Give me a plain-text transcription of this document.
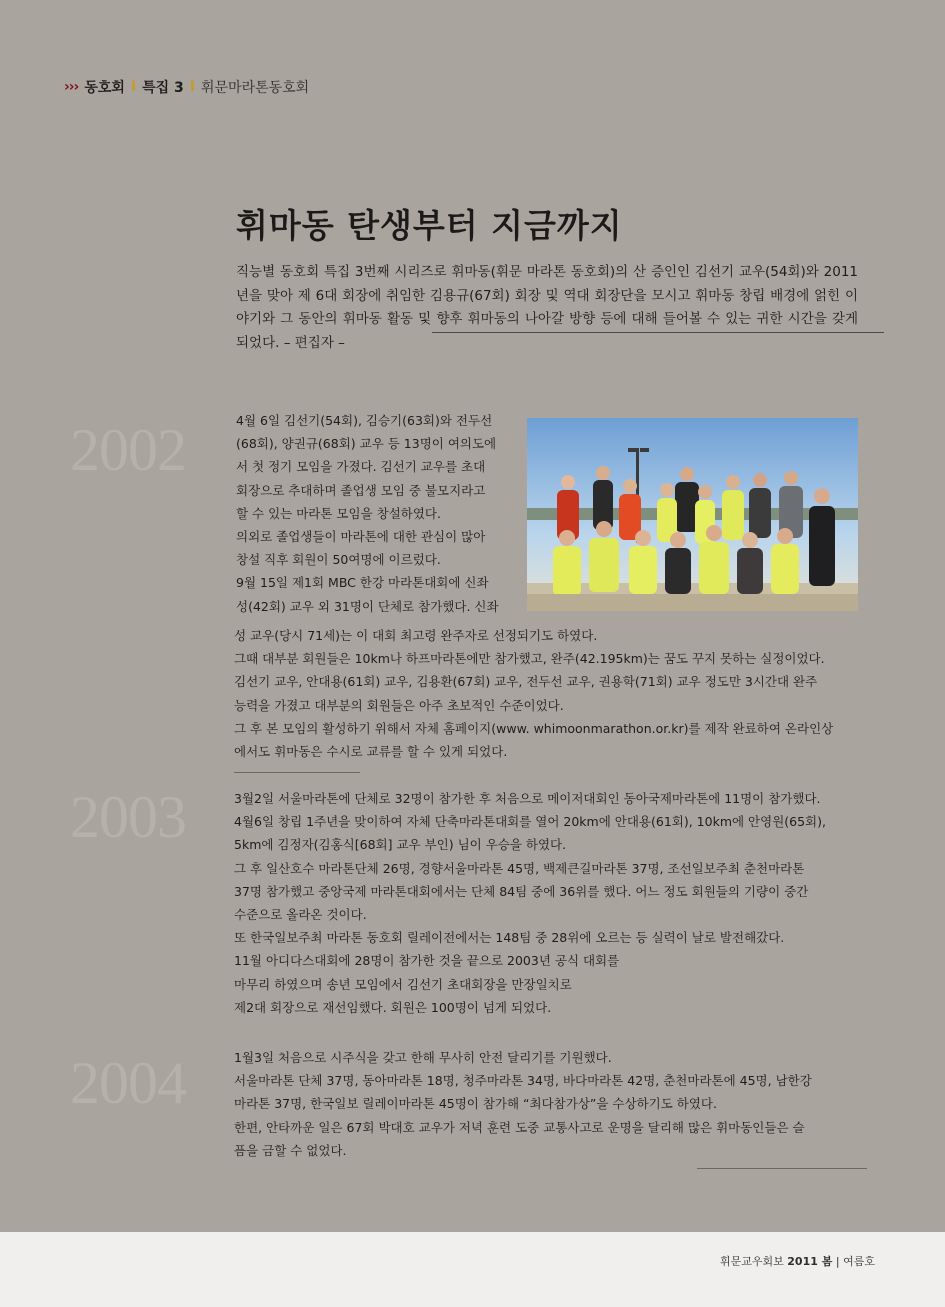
››› 동호회 Ⅰ 특집 3 Ⅰ 휘문마라톤동호회
휘마동 탄생부터 지금까지
직능별 동호회 특집 3번째 시리즈로 휘마동(휘문 마라톤 동호회)의 산 증인인 김선기 교우(54회)와 2011년을 맞아 제 6대 회장에 취임한 김용규(67회) 회장 및 역대 회장단을 모시고 휘마동 창립 배경에 얽힌 이야기와 그 동안의 휘마동 활동 및 향후 휘마동의 나아갈 방향 등에 대해 들어볼 수 있는 귀한 시간을 갖게 되었다. – 편집자 –
2002
2003
2004

4월 6일 김선기(54회), 김승기(63회)와 전두선

(68회), 양권규(68회) 교우 등 13명이 여의도에

서 첫 정기 모임을 가졌다. 김선기 교우를 초대

회장으로 추대하며 졸업생 모임 중 불모지라고

할 수 있는 마라톤 모임을 창설하였다.

의외로 졸업생들이 마라톤에 대한 관심이 많아

창설 직후 회원이 50여명에 이르렀다.

9월 15일 제1회 MBC 한강 마라톤대회에 신좌

성(42회) 교우 외 31명이 단체로 참가했다. 신좌

성 교우(당시 71세)는 이 대회 최고령 완주자로 선정되기도 하였다.

그때 대부분 회원들은 10km나 하프마라톤에만 참가했고, 완주(42.195km)는 꿈도 꾸지 못하는 실정이었다.

김선기 교우, 안대용(61회) 교우, 김용환(67회) 교우, 전두선 교우, 권용학(71회) 교우 정도만 3시간대 완주

능력을 가졌고 대부분의 회원들은 아주 초보적인 수준이었다.

그 후 본 모임의 활성하기 위해서 자체 홈페이지(www. whimoonmarathon.or.kr)를 제작 완료하여 온라인상

에서도 휘마동은 수시로 교류를 할 수 있게 되었다.

3월2일 서울마라톤에 단체로 32명이 참가한 후 처음으로 메이저대회인 동아국제마라톤에 11명이 참가했다.

4월6일 창립 1주년을 맞이하여 자체 단축마라톤대회를 열어 20km에 안대용(61회), 10km에 안영원(65회),

5km에 김정자(김홍식[68회] 교우 부인) 님이 우승을 하였다.

그 후 일산호수 마라톤단체 26명, 경향서울마라톤 45명, 백제큰길마라톤 37명, 조선일보주최 춘천마라톤

37명 참가했고 중앙국제 마라톤대회에서는 단체 84팀 중에 36위를 했다. 어느 정도 회원들의 기량이 중간

수준으로 올라온 것이다.

또 한국일보주최 마라톤 동호회 릴레이전에서는 148팀 중 28위에 오르는 등 실력이 날로 발전해갔다.

11월 아디다스대회에 28명이 참가한 것을 끝으로 2003년 공식 대회를

마무리 하였으며 송년 모임에서 김선기 초대회장을 만장일치로

제2대 회장으로 재선임했다. 회원은 100명이 넘게 되었다.

1월3일 처음으로 시주식을 갖고 한해 무사히 안전 달리기를 기원했다.

서울마라톤 단체 37명, 동아마라톤 18명, 청주마라톤 34명, 바다마라톤 42명, 춘천마라톤에 45명, 남한강

마라톤 37명, 한국일보 릴레이마라톤 45명이 참가해 “최다참가상”을 수상하기도 하였다.

한편, 안타까운 일은 67회 박대호 교우가 저녁 훈련 도중 교통사고로 운명을 달리해 많은 휘마동인들은 슬

픔을 금할 수 없었다.

휘문교우회보 2011 봄 | 여름호
